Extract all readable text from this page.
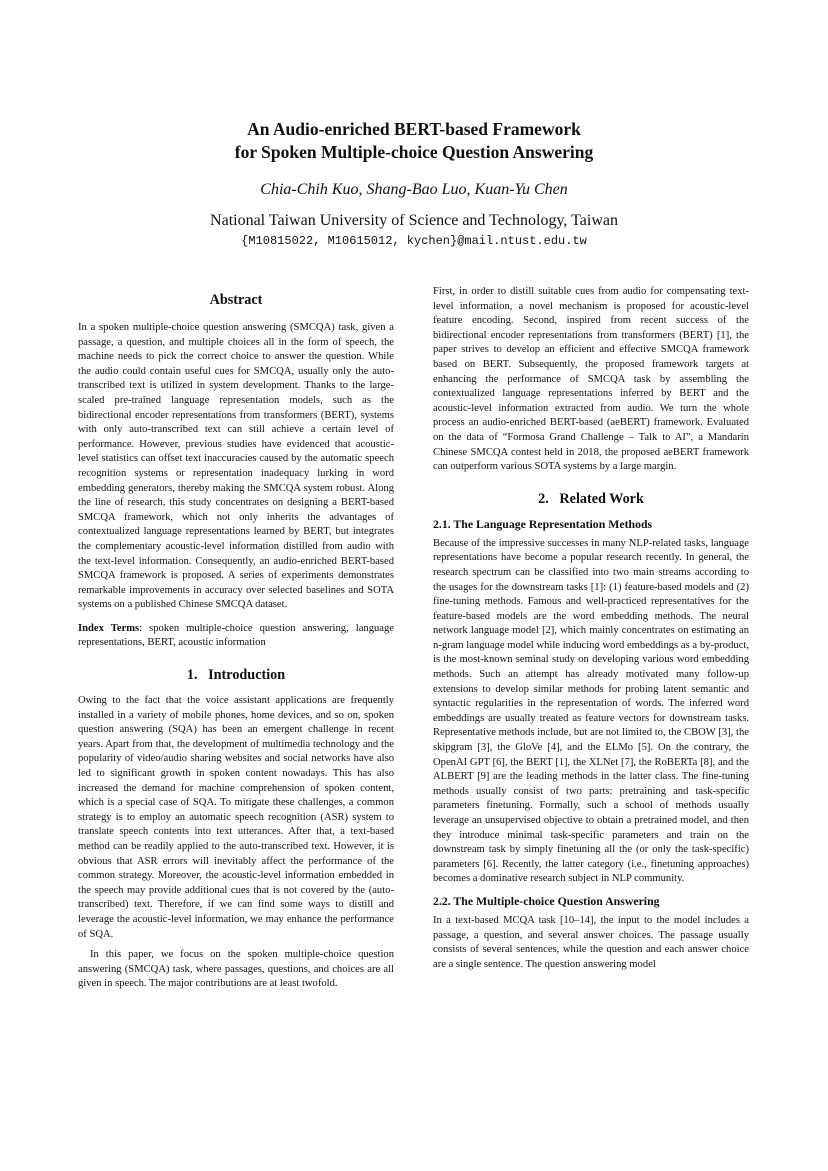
An Audio-enriched BERT-based Framework
for Spoken Multiple-choice Question Answering
Chia-Chih Kuo, Shang-Bao Luo, Kuan-Yu Chen
National Taiwan University of Science and Technology, Taiwan
{M10815022, M10615012, kychen}@mail.ntust.edu.tw
Abstract

In a spoken multiple-choice question answering (SMCQA) task, given a passage, a question, and multiple choices all in the form of speech, the machine needs to pick the correct choice to answer the question. While the audio could contain useful cues for SMCQA, usually only the auto-transcribed text is utilized in system development. Thanks to the large-scaled pre-trained language representation models, such as the bidirectional encoder representations from transformers (BERT), systems with only auto-transcribed text can still achieve a certain level of performance. However, previous studies have evidenced that acoustic-level statistics can offset text inaccuracies caused by the automatic speech recognition systems or representation inadequacy lurking in word embedding generators, thereby making the SMCQA system robust. Along the line of research, this study concentrates on designing a BERT-based SMCQA framework, which not only inherits the advantages of contextualized language representations learned by BERT, but integrates the complementary acoustic-level information distilled from audio with the text-level information. Consequently, an audio-enriched BERT-based SMCQA framework is proposed. A series of experiments demonstrates remarkable improvements in accuracy over selected baselines and SOTA systems on a published Chinese SMCQA dataset.

Index Terms: spoken multiple-choice question answering, language representations, BERT, acoustic information

1.   Introduction

Owing to the fact that the voice assistant applications are frequently installed in a variety of mobile phones, home devices, and so on, spoken question answering (SQA) has been an emergent challenge in recent years. Apart from that, the development of multimedia technology and the popularity of video/audio sharing websites and social networks have also led to significant growth in spoken content nowadays. This has also increased the demand for machine comprehension of spoken content, which is a special case of SQA. To mitigate these challenges, a common strategy is to employ an automatic speech recognition (ASR) system to translate speech contents into text utterances. After that, a text-based method can be readily applied to the auto-transcribed text. However, it is obvious that ASR errors will inevitably affect the performance of the common strategy. Moreover, the acoustic-level information embedded in the speech may provide additional cues that is not covered by the (auto-transcribed) text. Therefore, if we can find some ways to distill and leverage the acoustic-level information, we may enhance the performance of SQA.

In this paper, we focus on the spoken multiple-choice question answering (SMCQA) task, where passages, questions, and choices are all given in speech. The major contributions are at least twofold.

First, in order to distill suitable cues from audio for compensating text-level information, a novel mechanism is proposed for acoustic-level feature encoding. Second, inspired from recent success of the bidirectional encoder representations from transformers (BERT) [1], the paper strives to develop an efficient and effective SMCQA framework based on BERT. Subsequently, the proposed framework targets at enhancing the performance of SMCQA task by assembling the contextualized language representations inferred by BERT and the acoustic-level information extracted from audio. We turn the whole process an audio-enriched BERT-based (aeBERT) framework. Evaluated on the data of “Formosa Grand Challenge – Talk to AI”, a Mandarin Chinese SMCQA contest held in 2018, the proposed aeBERT framework can outperform various SOTA systems by a large margin.

2.   Related Work
2.1. The Language Representation Methods

Because of the impressive successes in many NLP-related tasks, language representations have become a popular research recently. In general, the research spectrum can be classified into two main streams according to the usages for the downstream tasks [1]: (1) feature-based models and (2) fine-tuning methods. Famous and well-practiced representatives for the feature-based models are the word embedding methods. The neural network language model [2], which mainly concentrates on estimating an n-gram language model while inducing word embeddings as a by-product, is the most-known seminal study on developing various word embedding methods. Such an attempt has already motivated many follow-up extensions to develop similar methods for probing latent semantic and syntactic regularities in the representation of words. The inferred word embeddings are usually treated as feature vectors for downstream tasks. Representative methods include, but are not limited to, the CBOW [3], the skipgram [3], the GloVe [4], and the ELMo [5]. On the contrary, the OpenAI GPT [6], the BERT [1], the XLNet [7], the RoBERTa [8], and the ALBERT [9] are the leading methods in the latter class. The fine-tuning methods usually consist of two parts: pretraining and task-specific parameters finetuning. Formally, such a school of methods usually leverage an unsupervised objective to obtain a pretrained model, and then they introduce minimal task-specific parameters and train on the downstream task by simply finetuning all the (or only the task-specific) parameters [6]. Recently, the latter category (i.e., finetuning approaches) becomes a dominative research subject in NLP community.

2.2. The Multiple-choice Question Answering

In a text-based MCQA task [10–14], the input to the model includes a passage, a question, and several answer choices. The passage usually consists of several sentences, while the question and each answer choice are a single sentence. The question answering model
